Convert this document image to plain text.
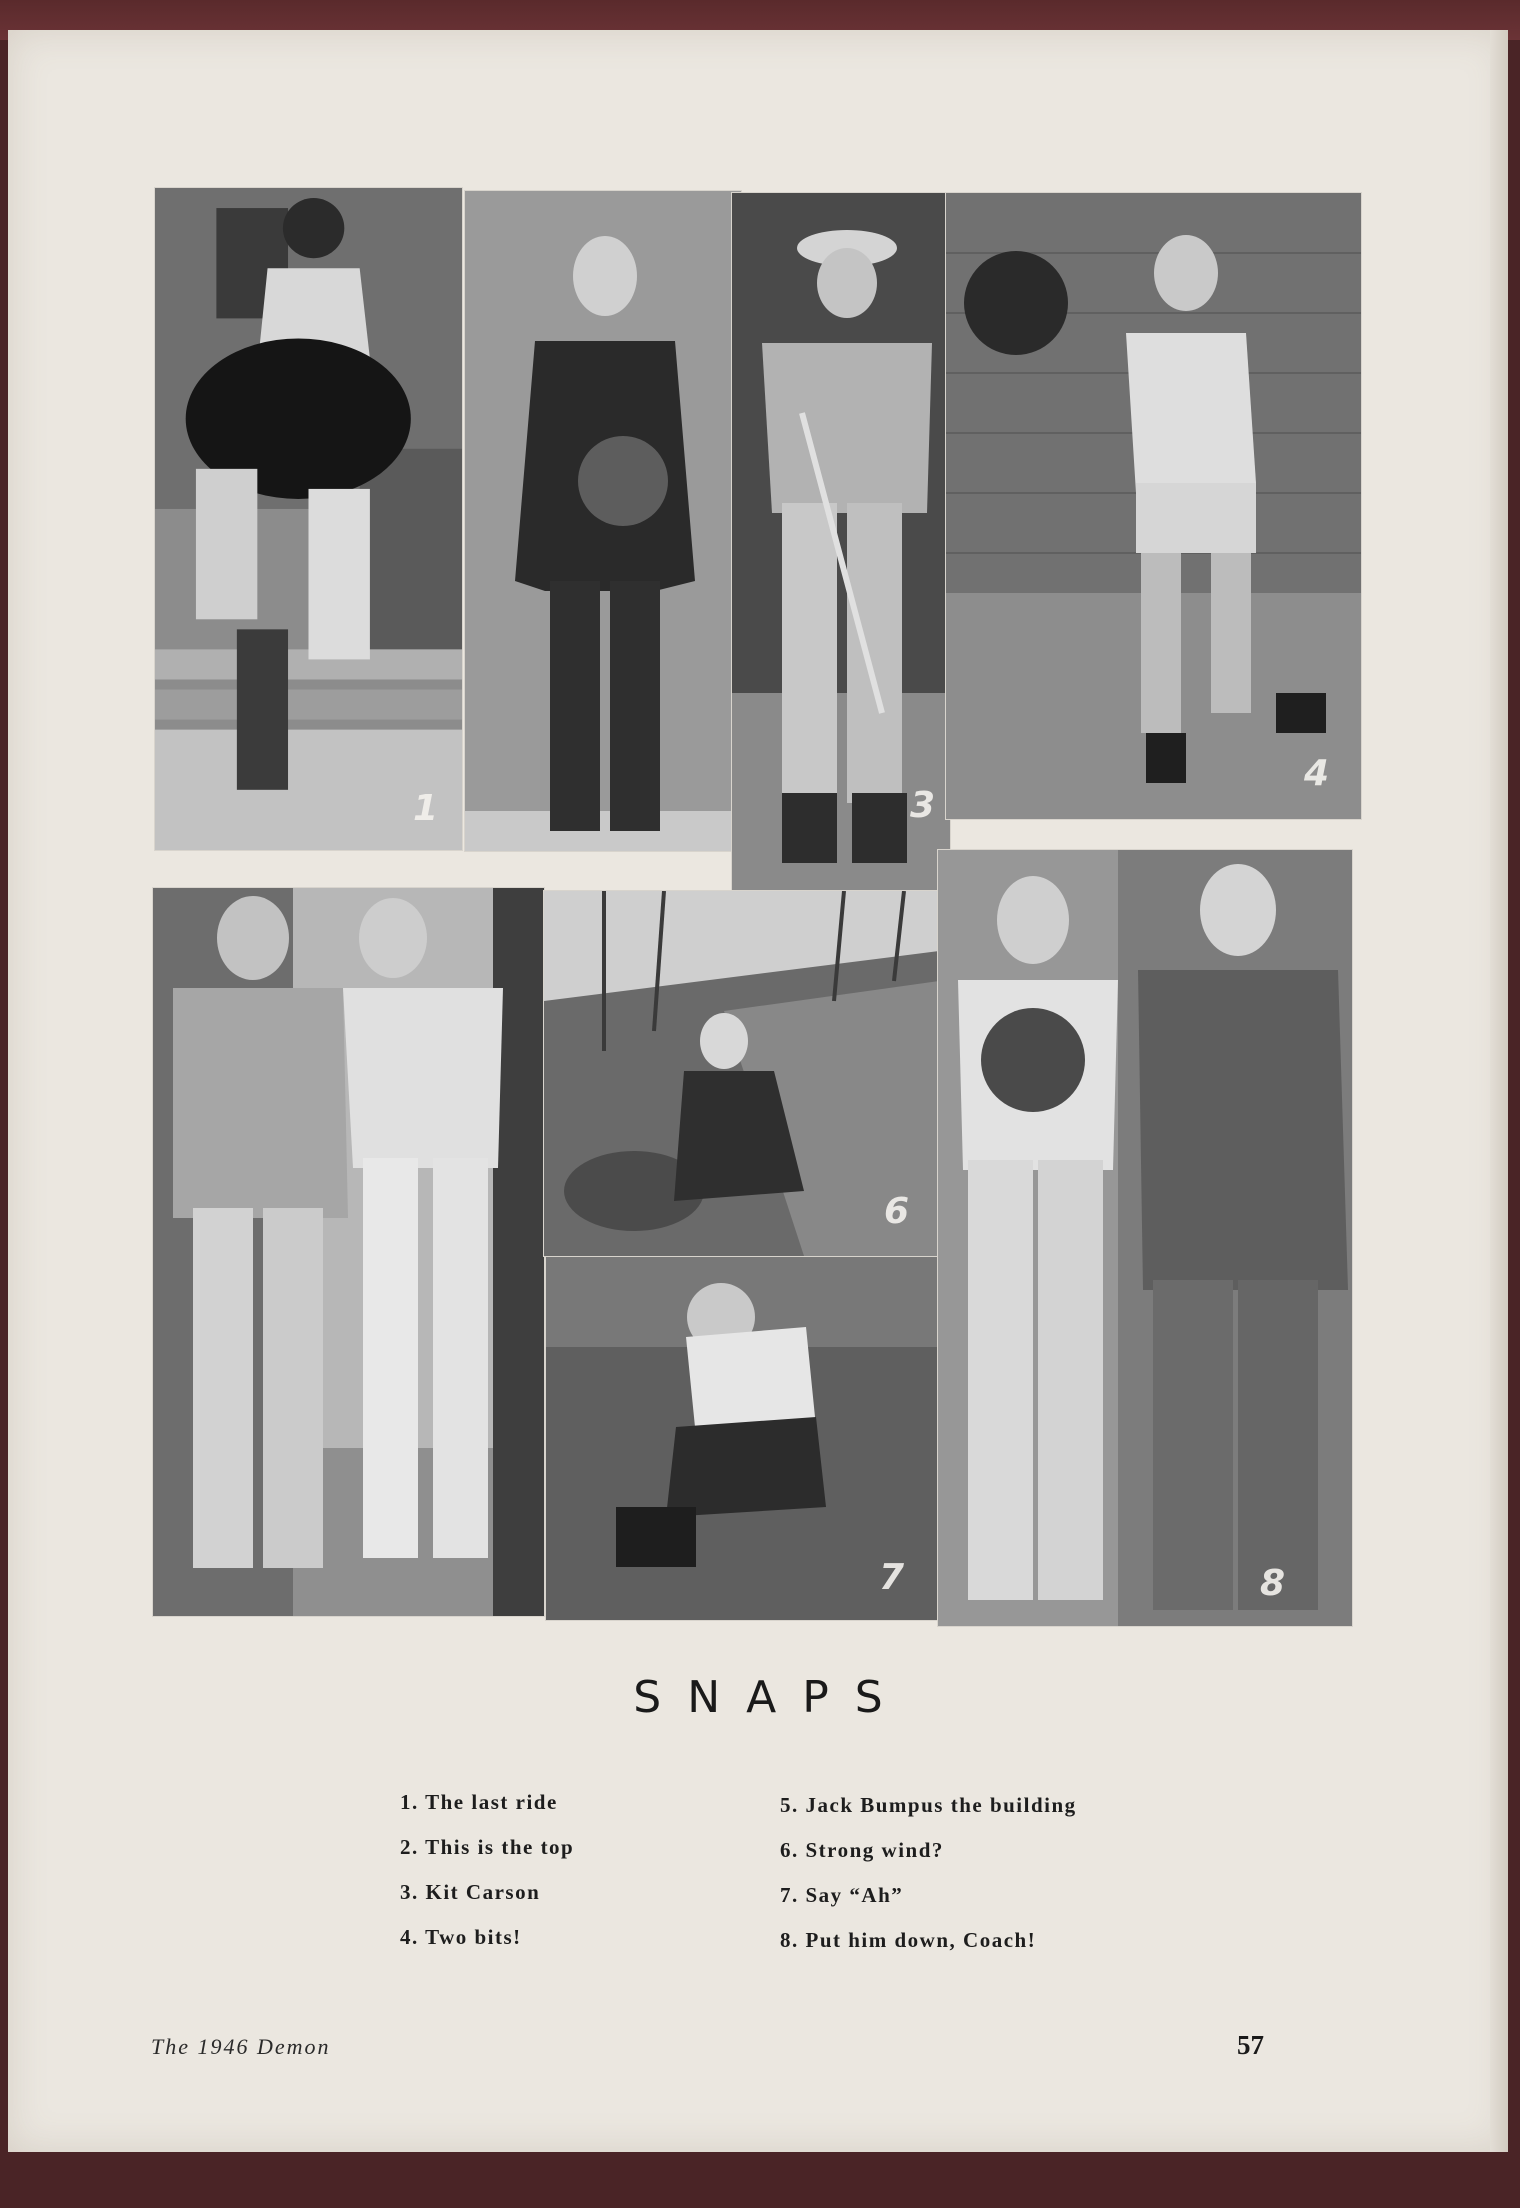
1	3
4
6
7	8
SNAPS
1. The last ride
2. This is the top
3. Kit Carson
4. Two bits!
5. Jack Bumpus the building
6. Strong wind?
7. Say “Ah”
8. Put him down, Coach!
The 1946 Demon	57
